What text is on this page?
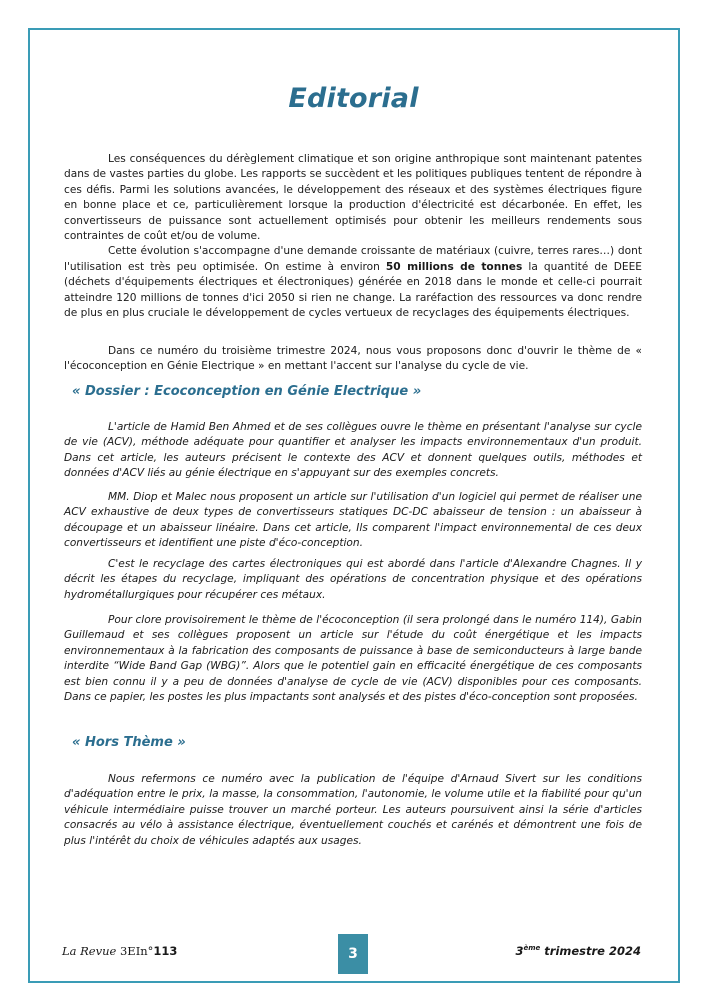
Editorial

Les conséquences du dérèglement climatique et son origine anthropique sont maintenant patentes dans de vastes parties du globe. Les rapports se succèdent et les politiques publiques tentent de répondre à ces défis. Parmi les solutions avancées, le développement des réseaux et des systèmes électriques figure en bonne place et ce, particulièrement lorsque la production d'électricité est décarbonée. En effet, les convertisseurs de puissance sont actuellement optimisés pour obtenir les meilleurs rendements sous contraintes de coût et/ou de volume.

Cette évolution s'accompagne d'une demande croissante de matériaux (cuivre, terres rares…) dont l'utilisation est très peu optimisée. On estime à environ 50 millions de tonnes la quantité de DEEE (déchets d'équipements électriques et électroniques) générée en 2018 dans le monde et celle-ci pourrait atteindre 120 millions de tonnes d'ici 2050 si rien ne change. La raréfaction des ressources va donc rendre de plus en plus cruciale le développement de cycles vertueux de recyclages des équipements électriques.

Dans ce numéro du troisième trimestre 2024, nous vous proposons donc d'ouvrir le thème de « l'écoconception en Génie Electrique » en mettant l'accent sur l'analyse du cycle de vie.

« Dossier : Ecoconception en Génie Electrique »

L'article de Hamid Ben Ahmed et de ses collègues ouvre le thème en présentant l'analyse sur cycle de vie (ACV), méthode adéquate pour quantifier et analyser les impacts environnementaux d'un produit. Dans cet article, les auteurs précisent le contexte des ACV et donnent quelques outils, méthodes et données d'ACV liés au génie électrique en s'appuyant sur des exemples concrets.

MM. Diop et Malec nous proposent un article sur l'utilisation d'un logiciel qui permet de réaliser une ACV exhaustive de deux types de convertisseurs statiques DC-DC abaisseur de tension : un abaisseur à découpage et un abaisseur linéaire. Dans cet article, Ils comparent l'impact environnemental de ces deux convertisseurs et identifient une piste d'éco-conception.

C'est le recyclage des cartes électroniques qui est abordé dans l'article d'Alexandre Chagnes. Il y décrit les étapes du recyclage, impliquant des opérations de concentration physique et des opérations hydrométallurgiques pour récupérer ces métaux.

Pour clore provisoirement le thème de l'écoconception (il sera prolongé dans le numéro 114), Gabin Guillemaud et ses collègues proposent un article sur l'étude du coût énergétique et les impacts environnementaux à la fabrication des composants de puissance à base de semiconducteurs à large bande interdite “Wide Band Gap (WBG)”. Alors que le potentiel gain en efficacité énergétique de ces composants est bien connu il y a peu de données d'analyse de cycle de vie (ACV) disponibles pour ces composants. Dans ce papier, les postes les plus impactants sont analysés et des pistes d'éco-conception sont proposées.

« Hors Thème »

Nous refermons ce numéro avec la publication de l'équipe d'Arnaud Sivert sur les conditions d'adéquation entre le prix, la masse, la consommation, l'autonomie, le volume utile et la fiabilité pour qu'un véhicule intermédiaire puisse trouver un marché porteur. Les auteurs poursuivent ainsi la série d'articles consacrés au vélo à assistance électrique, éventuellement couchés et carénés et démontrent une fois de plus l'intérêt du choix de véhicules adaptés aux usages.

La Revue 3EIn°113	3	3ème trimestre 2024
